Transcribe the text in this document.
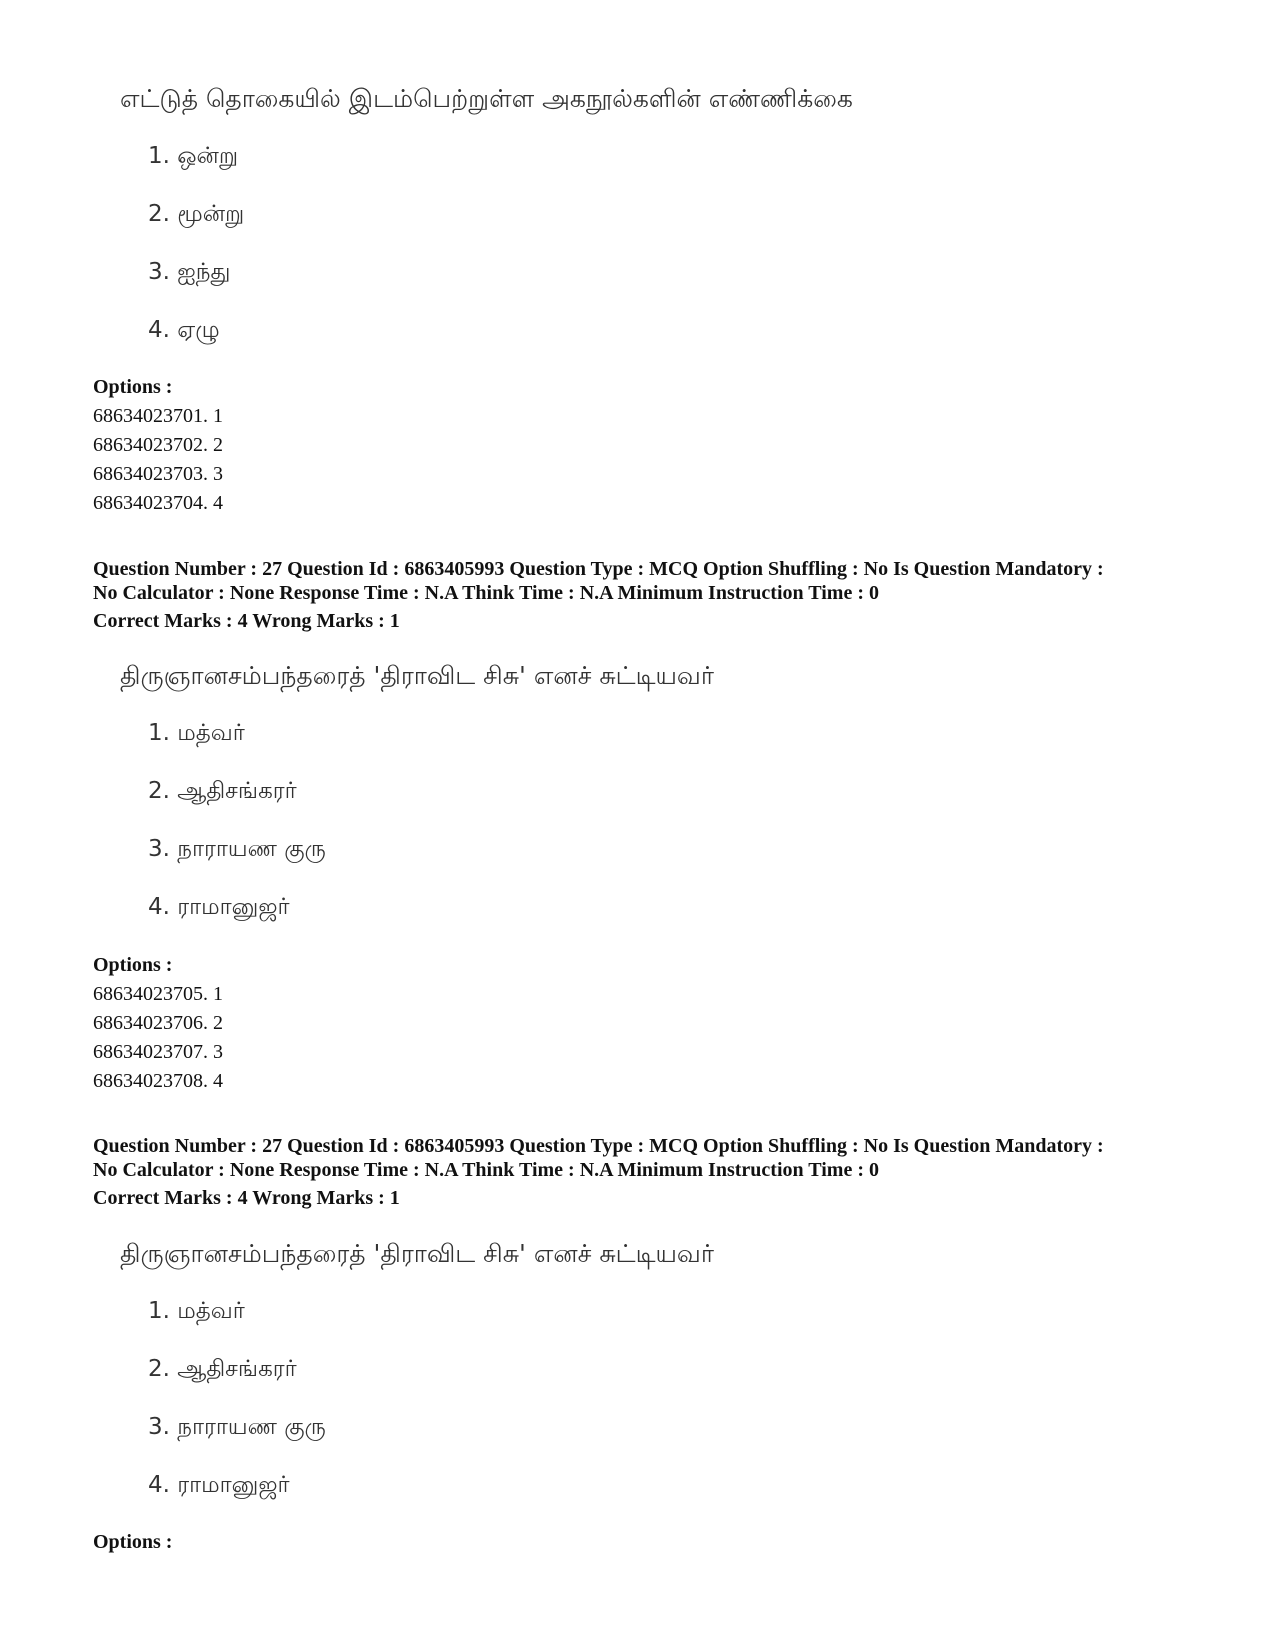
எட்டுத் தொகையில் இடம்பெற்றுள்ள அகநூல்களின் எண்ணிக்கை
1. ஒன்று
2. மூன்று
3. ஐந்து
4. ஏழு
Options :
68634023701. 1
68634023702. 2
68634023703. 3
68634023704. 4
Question Number : 27 Question Id : 6863405993 Question Type : MCQ Option Shuffling : No Is Question Mandatory :
No Calculator : None Response Time : N.A Think Time : N.A Minimum Instruction Time : 0
Correct Marks : 4 Wrong Marks : 1
திருஞானசம்பந்தரைத் 'திராவிட சிசு' எனச் சுட்டியவர்
1. மத்வர்
2. ஆதிசங்கரர்
3. நாராயண குரு
4. ராமானுஜர்
Options :
68634023705. 1
68634023706. 2
68634023707. 3
68634023708. 4
Question Number : 27 Question Id : 6863405993 Question Type : MCQ Option Shuffling : No Is Question Mandatory :
No Calculator : None Response Time : N.A Think Time : N.A Minimum Instruction Time : 0
Correct Marks : 4 Wrong Marks : 1
திருஞானசம்பந்தரைத் 'திராவிட சிசு' எனச் சுட்டியவர்
1. மத்வர்
2. ஆதிசங்கரர்
3. நாராயண குரு
4. ராமானுஜர்
Options :
